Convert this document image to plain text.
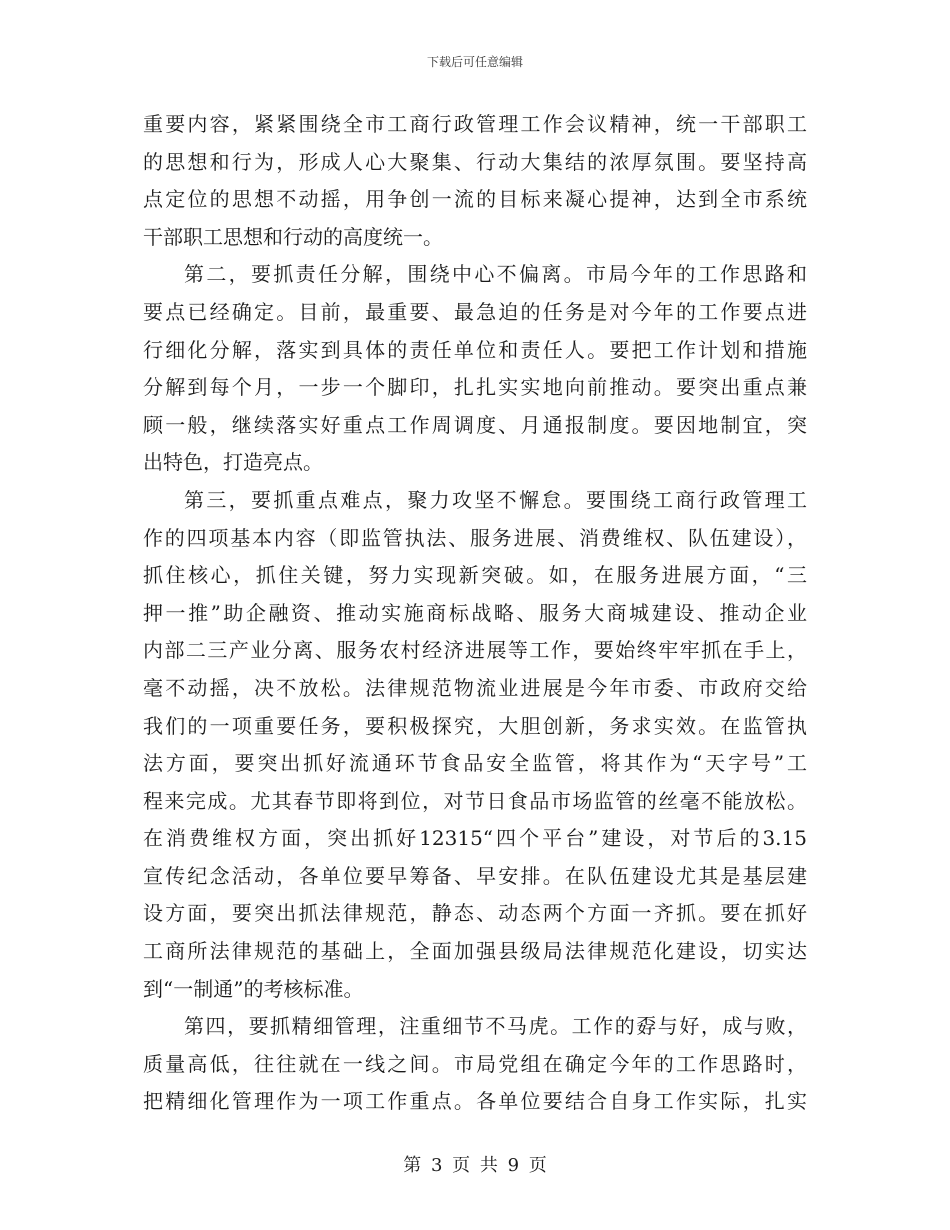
下载后可任意编辑
重要内容，紧紧围绕全市工商行政管理工作会议精神，统一干部职工
的思想和行为，形成人心大聚集、行动大集结的浓厚氛围。要坚持高
点定位的思想不动摇，用争创一流的目标来凝心提神，达到全市系统
干部职工思想和行动的高度统一。
第二，要抓责任分解，围绕中心不偏离。市局今年的工作思路和
要点已经确定。目前，最重要、最急迫的任务是对今年的工作要点进
行细化分解，落实到具体的责任单位和责任人。要把工作计划和措施
分解到每个月，一步一个脚印，扎扎实实地向前推动。要突出重点兼
顾一般，继续落实好重点工作周调度、月通报制度。要因地制宜，突
出特色，打造亮点。
第三，要抓重点难点，聚力攻坚不懈怠。要围绕工商行政管理工
作的四项基本内容（即监管执法、服务进展、消费维权、队伍建设），
抓住核心，抓住关键，努力实现新突破。如，在服务进展方面，“三
押一推”助企融资、推动实施商标战略、服务大商城建设、推动企业
内部二三产业分离、服务农村经济进展等工作，要始终牢牢抓在手上，
毫不动摇，决不放松。法律规范物流业进展是今年市委、市政府交给
我们的一项重要任务，要积极探究，大胆创新，务求实效。在监管执
法方面，要突出抓好流通环节食品安全监管，将其作为“天字号”工
程来完成。尤其春节即将到位，对节日食品市场监管的丝毫不能放松。
在消费维权方面，突出抓好12315“四个平台”建设，对节后的3.15
宣传纪念活动，各单位要早筹备、早安排。在队伍建设尤其是基层建
设方面，要突出抓法律规范，静态、动态两个方面一齐抓。要在抓好
工商所法律规范的基础上，全面加强县级局法律规范化建设，切实达
到“一制通”的考核标准。
第四，要抓精细管理，注重细节不马虎。工作的孬与好，成与败，
质量高低，往往就在一线之间。市局党组在确定今年的工作思路时，
把精细化管理作为一项工作重点。各单位要结合自身工作实际，扎实
第 3 页 共 9 页
